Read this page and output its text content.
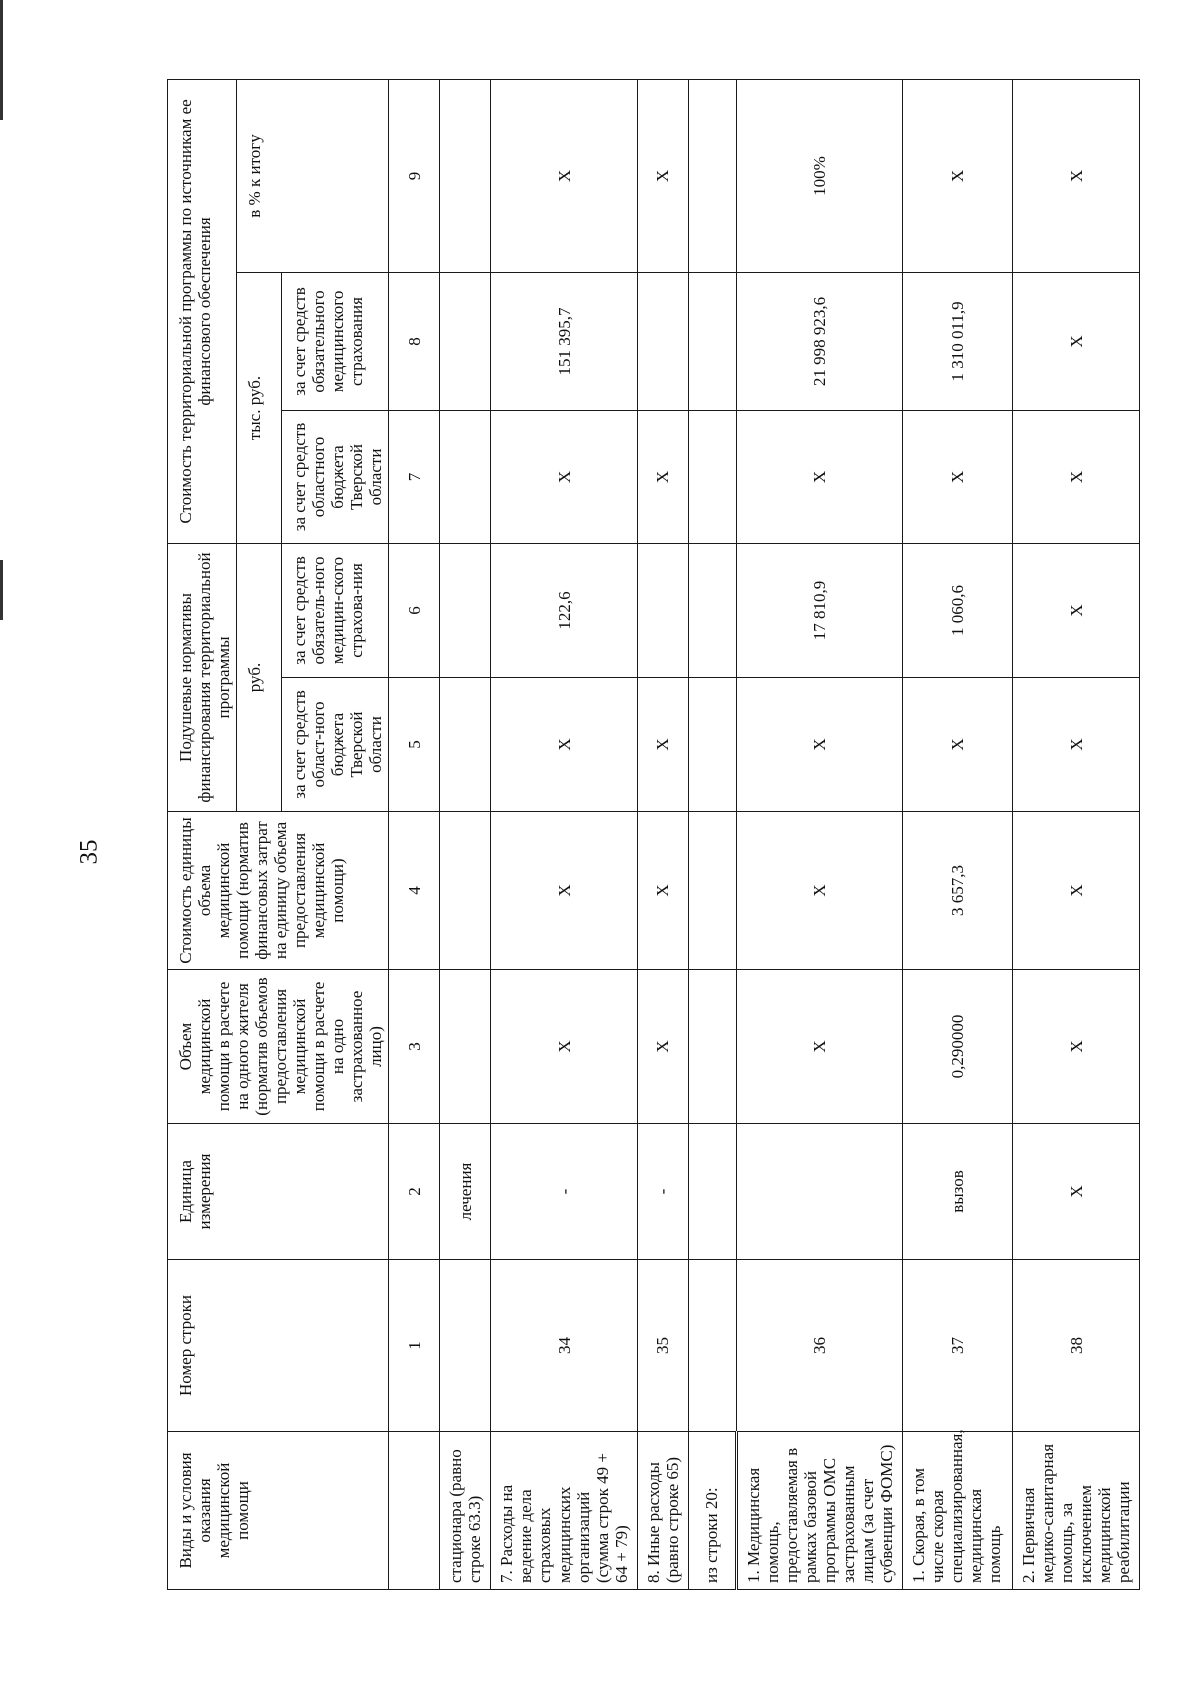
35
Виды и условия оказания медицинской помощи	Номер строки	Единица измерения	Объем медицинской помощи в расчете на одного жителя (норматив объемов предоставления медицинской помощи в расчете на одно застрахованное лицо)	Стоимость единицы объема медицинской помощи (норматив финансовых затрат на единицу объема предоставления медицинской помощи)	Подушевые нормативы финансирования территориальной программы		Стоимость территориальной программы по источникам ее финансового обеспечения		
					руб.		тыс. руб.		в % к итогу
					за счет средств област-ного бюджета Тверской области	за счет средств обязатель-ного медицин-ского страхова-ния	за счет средств областного бюджета Тверской области	за счет средств обязательного медицинского страхования	
	1	2	3	4	5	6	7	8	9
стационара (равно строке 63.3)		лечения							
7. Расходы на ведение дела страховых медицинских организаций (сумма строк 49 + 64 + 79)	34	-	Х	Х	Х	122,6	Х	151 395,7	Х
8. Иные расходы (равно строке 65)	35	-	Х	Х	Х		Х		Х
из строки 20:									
1. Медицинская помощь, предоставляемая в рамках базовой программы ОМС застрахованным лицам (за счет субвенции ФОМС)	36		Х	Х	Х	17 810,9	Х	21 998 923,6	100%
1. Скорая, в том числе скорая специализированная, медицинская помощь	37	вызов	0,290000	3 657,3	Х	1 060,6	Х	1 310 011,9	Х
2. Первичная медико-санитарная помощь, за исключением медицинской реабилитации	38	Х	Х	Х	Х	Х	Х	Х	Х
